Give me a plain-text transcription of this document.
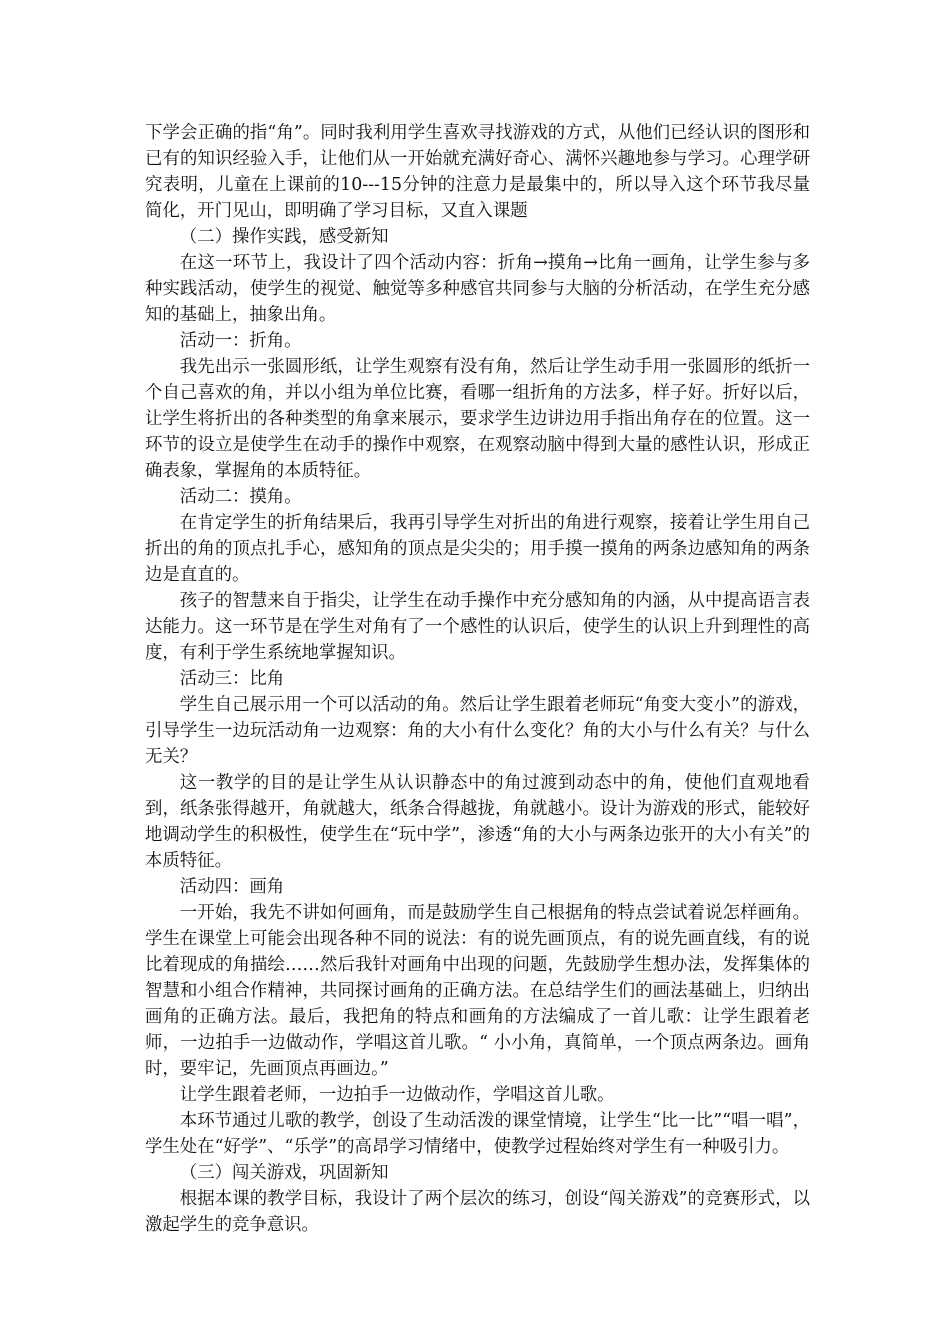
下学会正确的指“角”。同时我利用学生喜欢寻找游戏的方式，从他们已经认识的图形和已有的知识经验入手，让他们从一开始就充满好奇心、满怀兴趣地参与学习。心理学研究表明，儿童在上课前的10---15分钟的注意力是最集中的，所以导入这个环节我尽量简化，开门见山，即明确了学习目标，又直入课题

（二）操作实践，感受新知

在这一环节上，我设计了四个活动内容：折角→摸角→比角一画角，让学生参与多种实践活动，使学生的视觉、触觉等多种感官共同参与大脑的分析活动，在学生充分感知的基础上，抽象出角。

活动一：折角。

我先出示一张圆形纸，让学生观察有没有角，然后让学生动手用一张圆形的纸折一个自己喜欢的角，并以小组为单位比赛，看哪一组折角的方法多，样子好。折好以后，让学生将折出的各种类型的角拿来展示，要求学生边讲边用手指出角存在的位置。这一环节的设立是使学生在动手的操作中观察，在观察动脑中得到大量的感性认识，形成正确表象，掌握角的本质特征。

活动二：摸角。

在肯定学生的折角结果后，我再引导学生对折出的角进行观察，接着让学生用自己折出的角的顶点扎手心，感知角的顶点是尖尖的；用手摸一摸角的两条边感知角的两条边是直直的。

孩子的智慧来自于指尖，让学生在动手操作中充分感知角的内涵，从中提高语言表达能力。这一环节是在学生对角有了一个感性的认识后，使学生的认识上升到理性的高度，有利于学生系统地掌握知识。

活动三：比角

学生自己展示用一个可以活动的角。然后让学生跟着老师玩“角变大变小”的游戏，引导学生一边玩活动角一边观察：角的大小有什么变化？角的大小与什么有关？与什么无关？

这一教学的目的是让学生从认识静态中的角过渡到动态中的角，使他们直观地看到，纸条张得越开，角就越大，纸条合得越拢，角就越小。设计为游戏的形式，能较好地调动学生的积极性，使学生在“玩中学”，渗透“角的大小与两条边张开的大小有关”的本质特征。

活动四：画角

一开始，我先不讲如何画角，而是鼓励学生自己根据角的特点尝试着说怎样画角。学生在课堂上可能会出现各种不同的说法：有的说先画顶点，有的说先画直线，有的说比着现成的角描绘……然后我针对画角中出现的问题，先鼓励学生想办法，发挥集体的智慧和小组合作精神，共同探讨画角的正确方法。在总结学生们的画法基础上，归纳出画角的正确方法。最后，我把角的特点和画角的方法编成了一首儿歌：让学生跟着老师，一边拍手一边做动作，学唱这首儿歌。“ 小小角，真简单，一个顶点两条边。画角时，要牢记，先画顶点再画边。”

让学生跟着老师，一边拍手一边做动作，学唱这首儿歌。

本环节通过儿歌的教学，创设了生动活泼的课堂情境，让学生“比一比”“唱一唱”，学生处在“好学”、“乐学”的高昂学习情绪中，使教学过程始终对学生有一种吸引力。

（三）闯关游戏，巩固新知

根据本课的教学目标，我设计了两个层次的练习，创设“闯关游戏”的竞赛形式，以激起学生的竞争意识。
